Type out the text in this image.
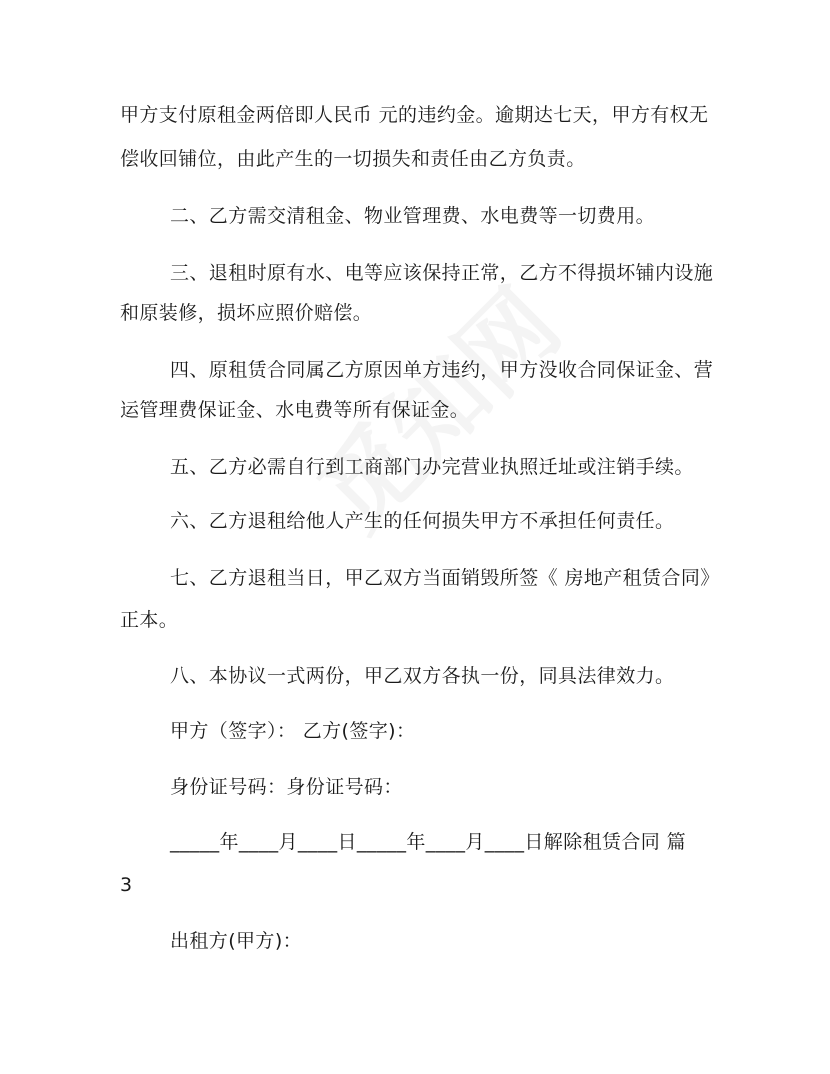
甲方支付原租金两倍即人民币 元的违约金。逾期达七天，甲方有权无
偿收回铺位，由此产生的一切损失和责任由乙方负责。
二、乙方需交清租金、物业管理费、水电费等一切费用。
三、退租时原有水、电等应该保持正常，乙方不得损坏铺内设施
和原装修，损坏应照价赔偿。
四、原租赁合同属乙方原因单方违约，甲方没收合同保证金、营
运管理费保证金、水电费等所有保证金。
五、乙方必需自行到工商部门办完营业执照迁址或注销手续。
六、乙方退租给他人产生的任何损失甲方不承担任何责任。
七、乙方退租当日，甲乙双方当面销毁所签《 房地产租赁合同》
正本。
八、本协议一式两份，甲乙双方各执一份，同具法律效力。
甲方（签字）： 乙方(签字)：
身份证号码：身份证号码：
_____年____月____日_____年____月____日解除租赁合同 篇
3
出租方(甲方)：
